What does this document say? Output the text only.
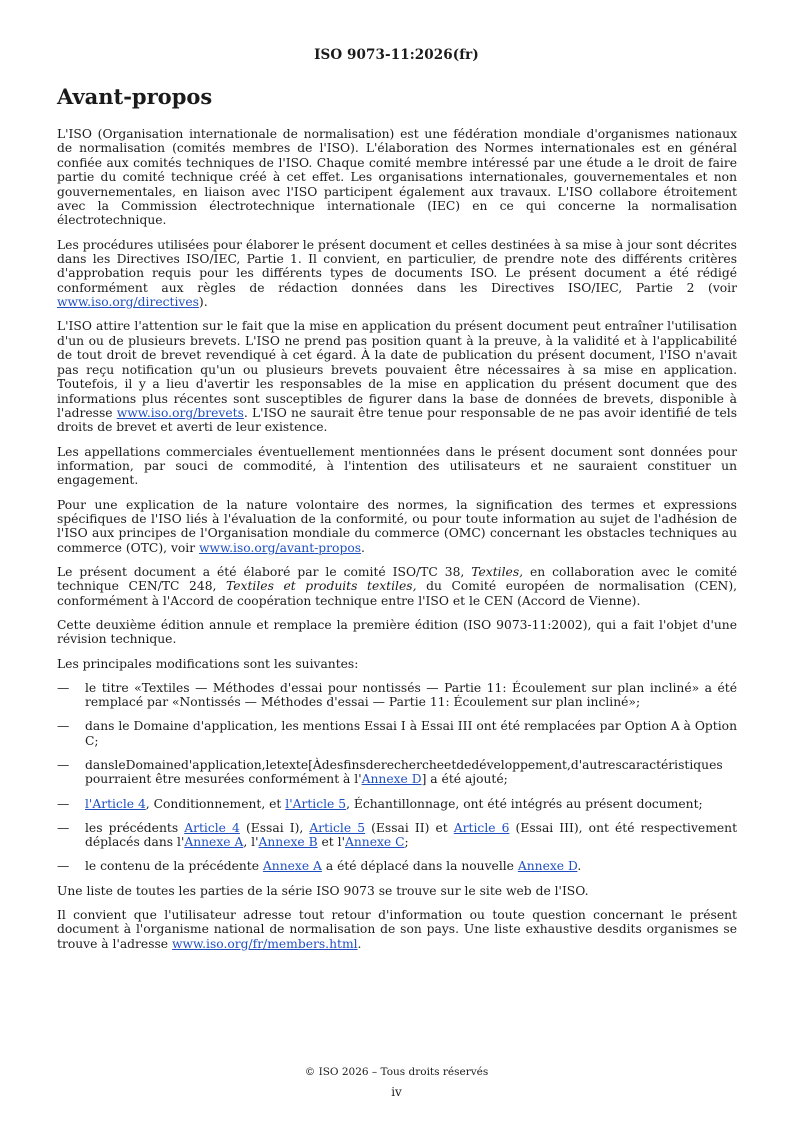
ISO 9073-11:2026(fr)
Avant-propos

L'ISO (Organisation internationale de normalisation) est une fédération mondiale d'organismes nationaux de normalisation (comités membres de l'ISO). L'élaboration des Normes internationales est en général confiée aux comités techniques de l'ISO. Chaque comité membre intéressé par une étude a le droit de faire partie du comité technique créé à cet effet. Les organisations internationales, gouvernementales et non gouvernementales, en liaison avec l'ISO participent également aux travaux. L'ISO collabore étroitement avec la Commission électrotechnique internationale (IEC) en ce qui concerne la normalisation électrotechnique.

Les procédures utilisées pour élaborer le présent document et celles destinées à sa mise à jour sont décrites dans les Directives ISO/IEC, Partie 1. Il convient, en particulier, de prendre note des différents critères d'approbation requis pour les différents types de documents ISO. Le présent document a été rédigé conformément aux règles de rédaction données dans les Directives ISO/IEC, Partie 2 (voir www.iso.org/directives).

L'ISO attire l'attention sur le fait que la mise en application du présent document peut entraîner l'utilisation d'un ou de plusieurs brevets. L'ISO ne prend pas position quant à la preuve, à la validité et à l'applicabilité de tout droit de brevet revendiqué à cet égard. À la date de publication du présent document, l'ISO n'avait pas reçu notification qu'un ou plusieurs brevets pouvaient être nécessaires à sa mise en application. Toutefois, il y a lieu d'avertir les responsables de la mise en application du présent document que des informations plus récentes sont susceptibles de figurer dans la base de données de brevets, disponible à l'adresse www.iso.org/brevets. L'ISO ne saurait être tenue pour responsable de ne pas avoir identifié de tels droits de brevet et averti de leur existence.

Les appellations commerciales éventuellement mentionnées dans le présent document sont données pour information, par souci de commodité, à l'intention des utilisateurs et ne sauraient constituer un engagement.

Pour une explication de la nature volontaire des normes, la signification des termes et expressions spécifiques de l'ISO liés à l'évaluation de la conformité, ou pour toute information au sujet de l'adhésion de l'ISO aux principes de l'Organisation mondiale du commerce (OMC) concernant les obstacles techniques au commerce (OTC), voir www.iso.org/avant-propos.

Le présent document a été élaboré par le comité ISO/TC 38, Textiles, en collaboration avec le comité technique CEN/TC 248, Textiles et produits textiles, du Comité européen de normalisation (CEN), conformément à l'Accord de coopération technique entre l'ISO et le CEN (Accord de Vienne).

Cette deuxième édition annule et remplace la première édition (ISO 9073-11:2002), qui a fait l'objet d'une révision technique.

Les principales modifications sont les suivantes:

— le titre «Textiles — Méthodes d'essai pour nontissés — Partie 11: Écoulement sur plan incliné» a été remplacé par «Nontissés — Méthodes d'essai — Partie 11: Écoulement sur plan incliné»;
— dans le Domaine d'application, les mentions Essai I à Essai III ont été remplacées par Option A à Option C;
— dansleDomained'application,letexte[Àdesfinsderechercheetdedéveloppement,d'autrescaractéristiques pourraient être mesurées conformément à l'Annexe D] a été ajouté;
— l'Article 4, Conditionnement, et l'Article 5, Échantillonnage, ont été intégrés au présent document;
— les précédents Article 4 (Essai I), Article 5 (Essai II) et Article 6 (Essai III), ont été respectivement déplacés dans l'Annexe A, l'Annexe B et l'Annexe C;
— le contenu de la précédente Annexe A a été déplacé dans la nouvelle Annexe D.

Une liste de toutes les parties de la série ISO 9073 se trouve sur le site web de l'ISO.

Il convient que l'utilisateur adresse tout retour d'information ou toute question concernant le présent document à l'organisme national de normalisation de son pays. Une liste exhaustive desdits organismes se trouve à l'adresse www.iso.org/fr/members.html.

© ISO 2026 – Tous droits réservés
iv
